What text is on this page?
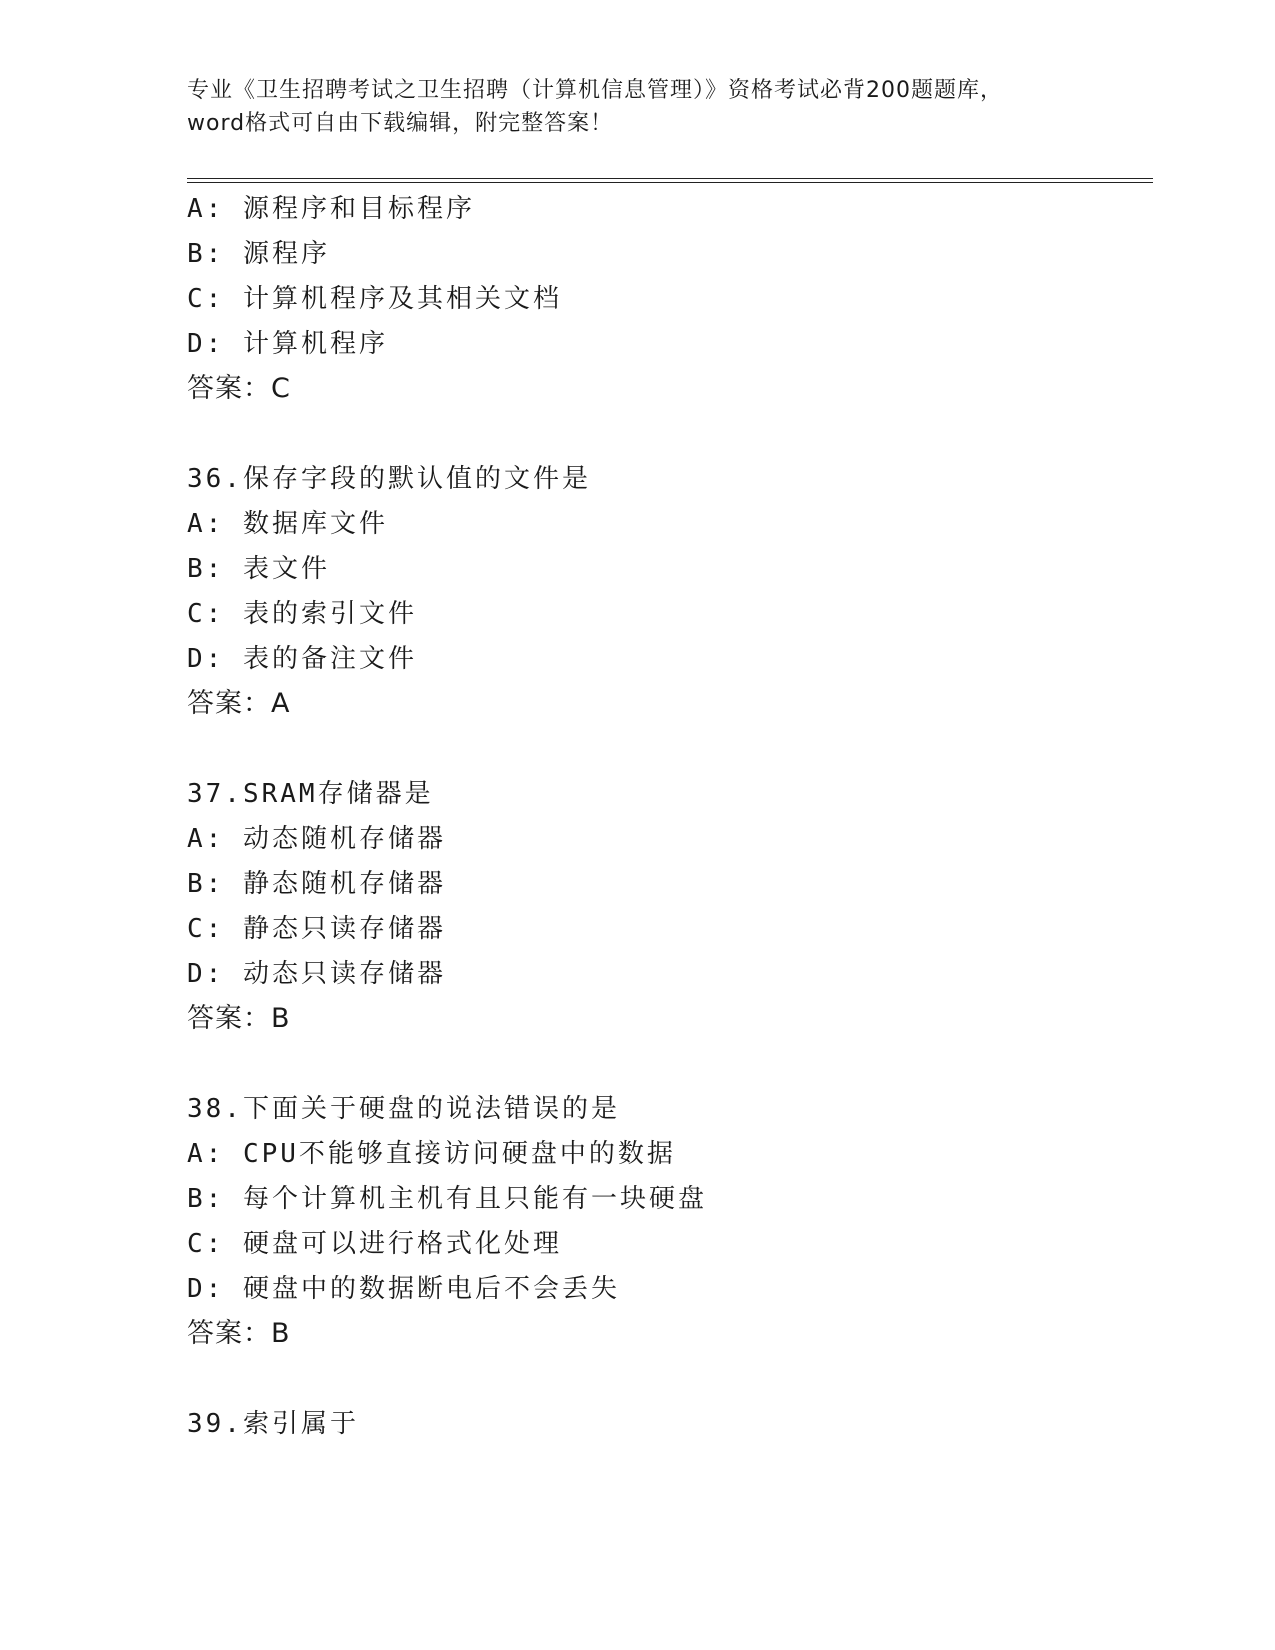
专业《卫生招聘考试之卫生招聘（计算机信息管理）》资格考试必背200题题库，
word格式可自由下载编辑，附完整答案！
A: 源程序和目标程序
B: 源程序
C: 计算机程序及其相关文档
D: 计算机程序
答案：C
36.保存字段的默认值的文件是
A: 数据库文件
B: 表文件
C: 表的索引文件
D: 表的备注文件
答案：A
37.SRAM存储器是
A: 动态随机存储器
B: 静态随机存储器
C: 静态只读存储器
D: 动态只读存储器
答案：B
38.下面关于硬盘的说法错误的是
A: CPU不能够直接访问硬盘中的数据
B: 每个计算机主机有且只能有一块硬盘
C: 硬盘可以进行格式化处理
D: 硬盘中的数据断电后不会丢失
答案：B
39.索引属于
